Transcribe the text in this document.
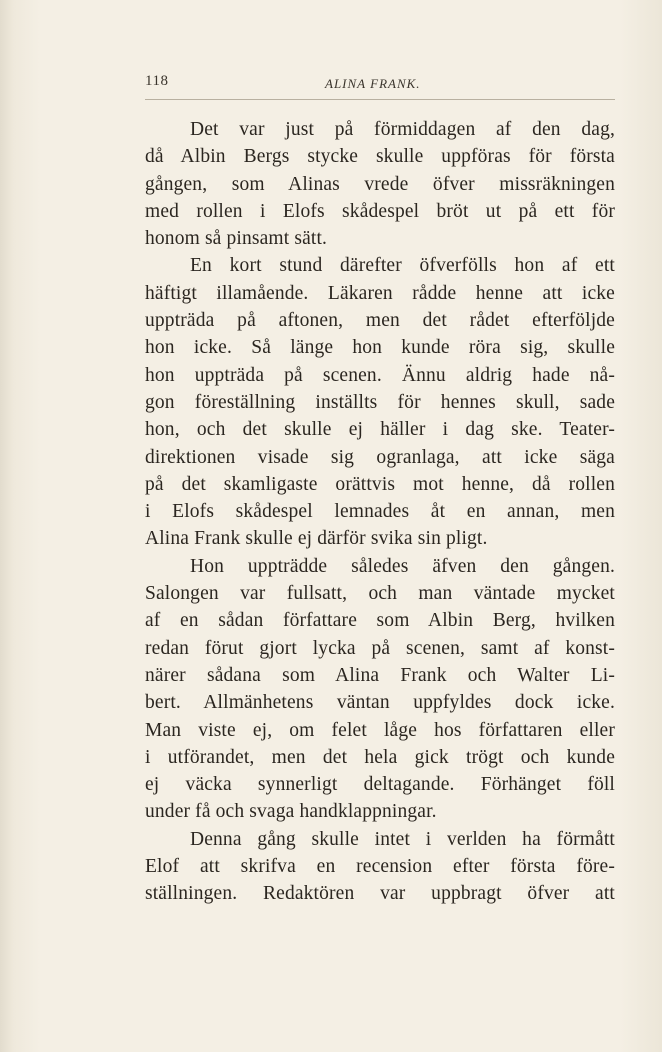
118	ALINA FRANK.
Det var just på förmiddagen af den dag,
då Albin Bergs stycke skulle uppföras för första
gången, som Alinas vrede öfver missräkningen
med rollen i Elofs skådespel bröt ut på ett för
honom så pinsamt sätt.
En kort stund därefter öfverfölls hon af ett
häftigt illamående. Läkaren rådde henne att icke
uppträda på aftonen, men det rådet efterföljde
hon icke. Så länge hon kunde röra sig, skulle
hon uppträda på scenen. Ännu aldrig hade nå-
gon föreställning inställts för hennes skull, sade
hon, och det skulle ej häller i dag ske. Teater-
direktionen visade sig ogranlaga, att icke säga
på det skamligaste orättvis mot henne, då rollen
i Elofs skådespel lemnades åt en annan, men
Alina Frank skulle ej därför svika sin pligt.
Hon uppträdde således äfven den gången.
Salongen var fullsatt, och man väntade mycket
af en sådan författare som Albin Berg, hvilken
redan förut gjort lycka på scenen, samt af konst-
närer sådana som Alina Frank och Walter Li-
bert. Allmänhetens väntan uppfyldes dock icke.
Man viste ej, om felet låge hos författaren eller
i utförandet, men det hela gick trögt och kunde
ej väcka synnerligt deltagande. Förhänget föll
under få och svaga handklappningar.
Denna gång skulle intet i verlden ha förmått
Elof att skrifva en recension efter första före-
ställningen. Redaktören var uppbragt öfver att
